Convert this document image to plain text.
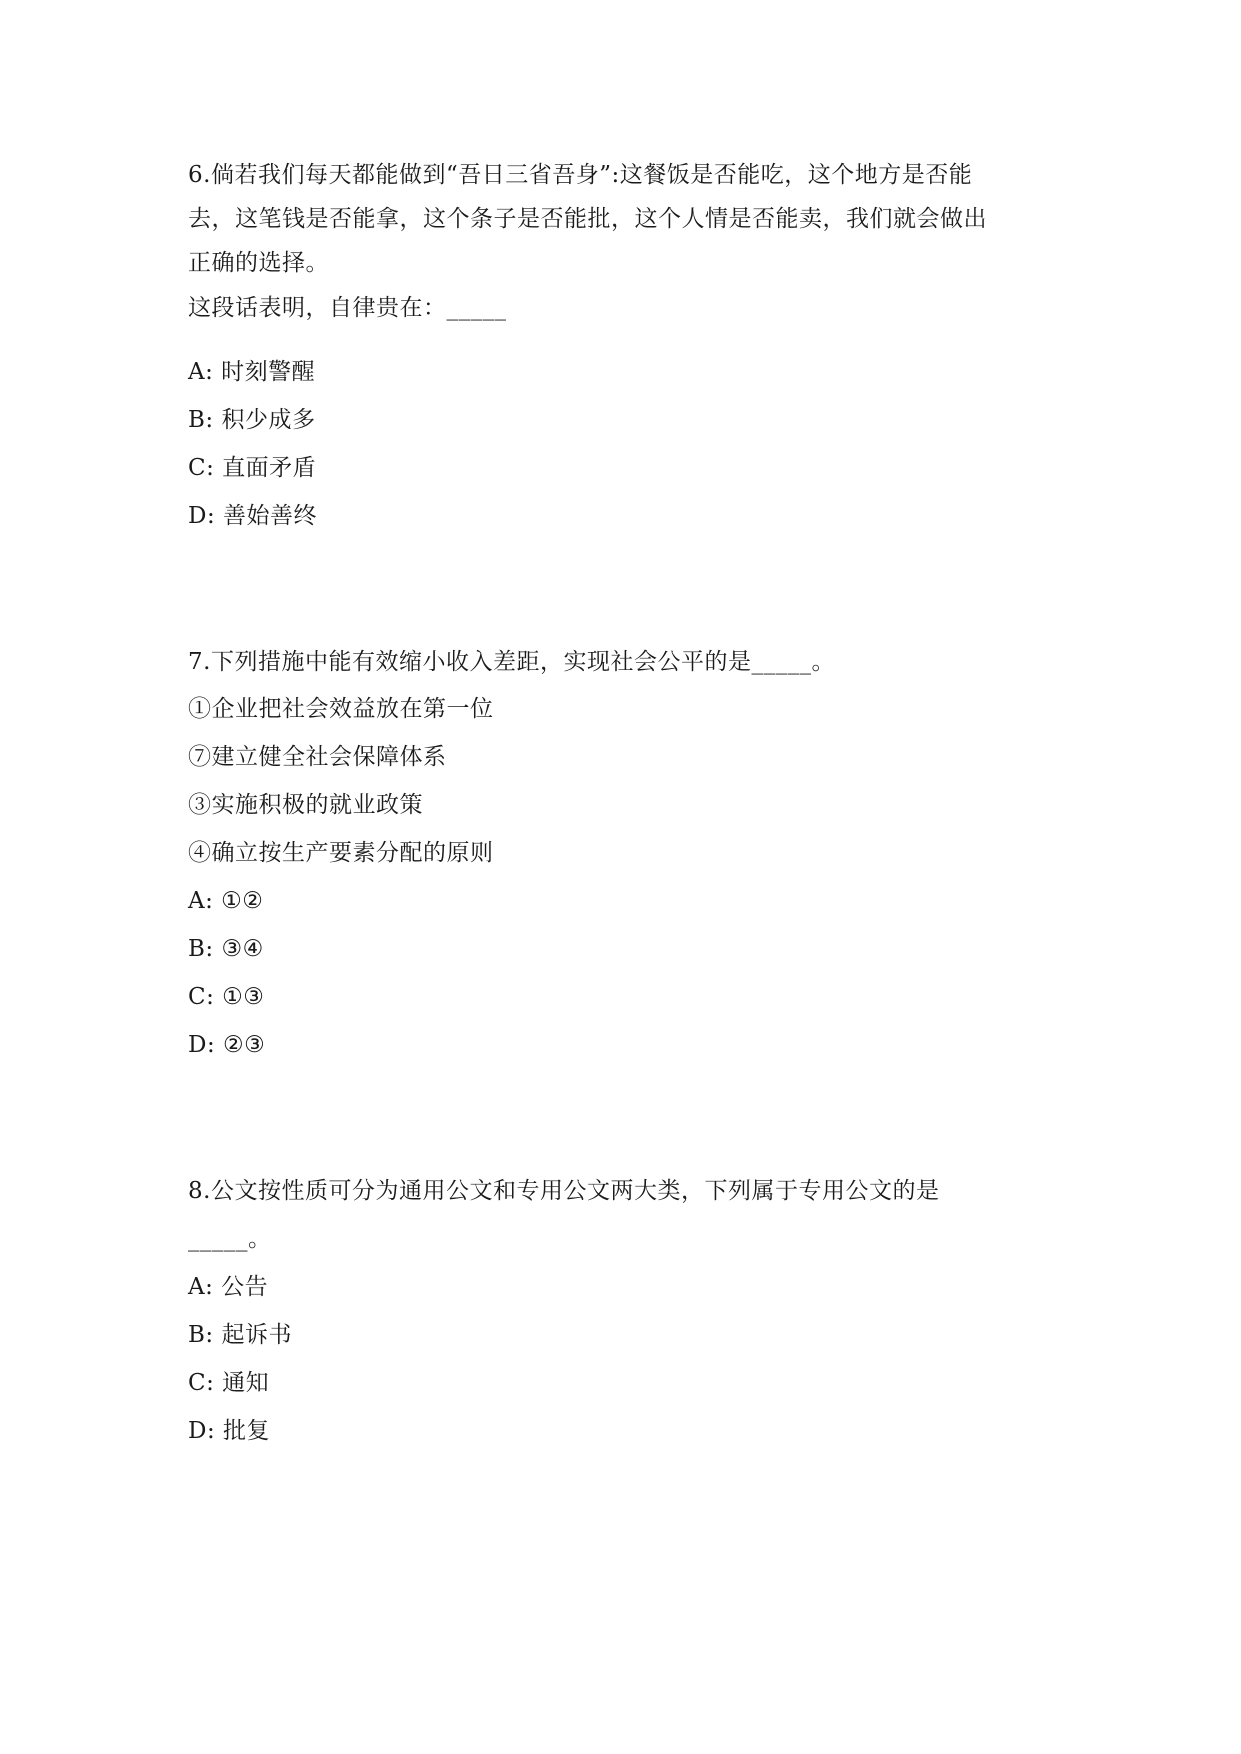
6.倘若我们每天都能做到“吾日三省吾身”:这餐饭是否能吃，这个地方是否能
去，这笔钱是否能拿，这个条子是否能批，这个人情是否能卖，我们就会做出
正确的选择。
这段话表明，自律贵在：_____
A: 时刻警醒
B: 积少成多
C: 直面矛盾
D: 善始善终
7.下列措施中能有效缩小收入差距，实现社会公平的是_____。
①企业把社会效益放在第一位
⑦建立健全社会保障体系
③实施积极的就业政策
④确立按生产要素分配的原则
A: ①②
B: ③④
C: ①③
D: ②③
8.公文按性质可分为通用公文和专用公文两大类，下列属于专用公文的是
_____。
A: 公告
B: 起诉书
C: 通知
D: 批复
